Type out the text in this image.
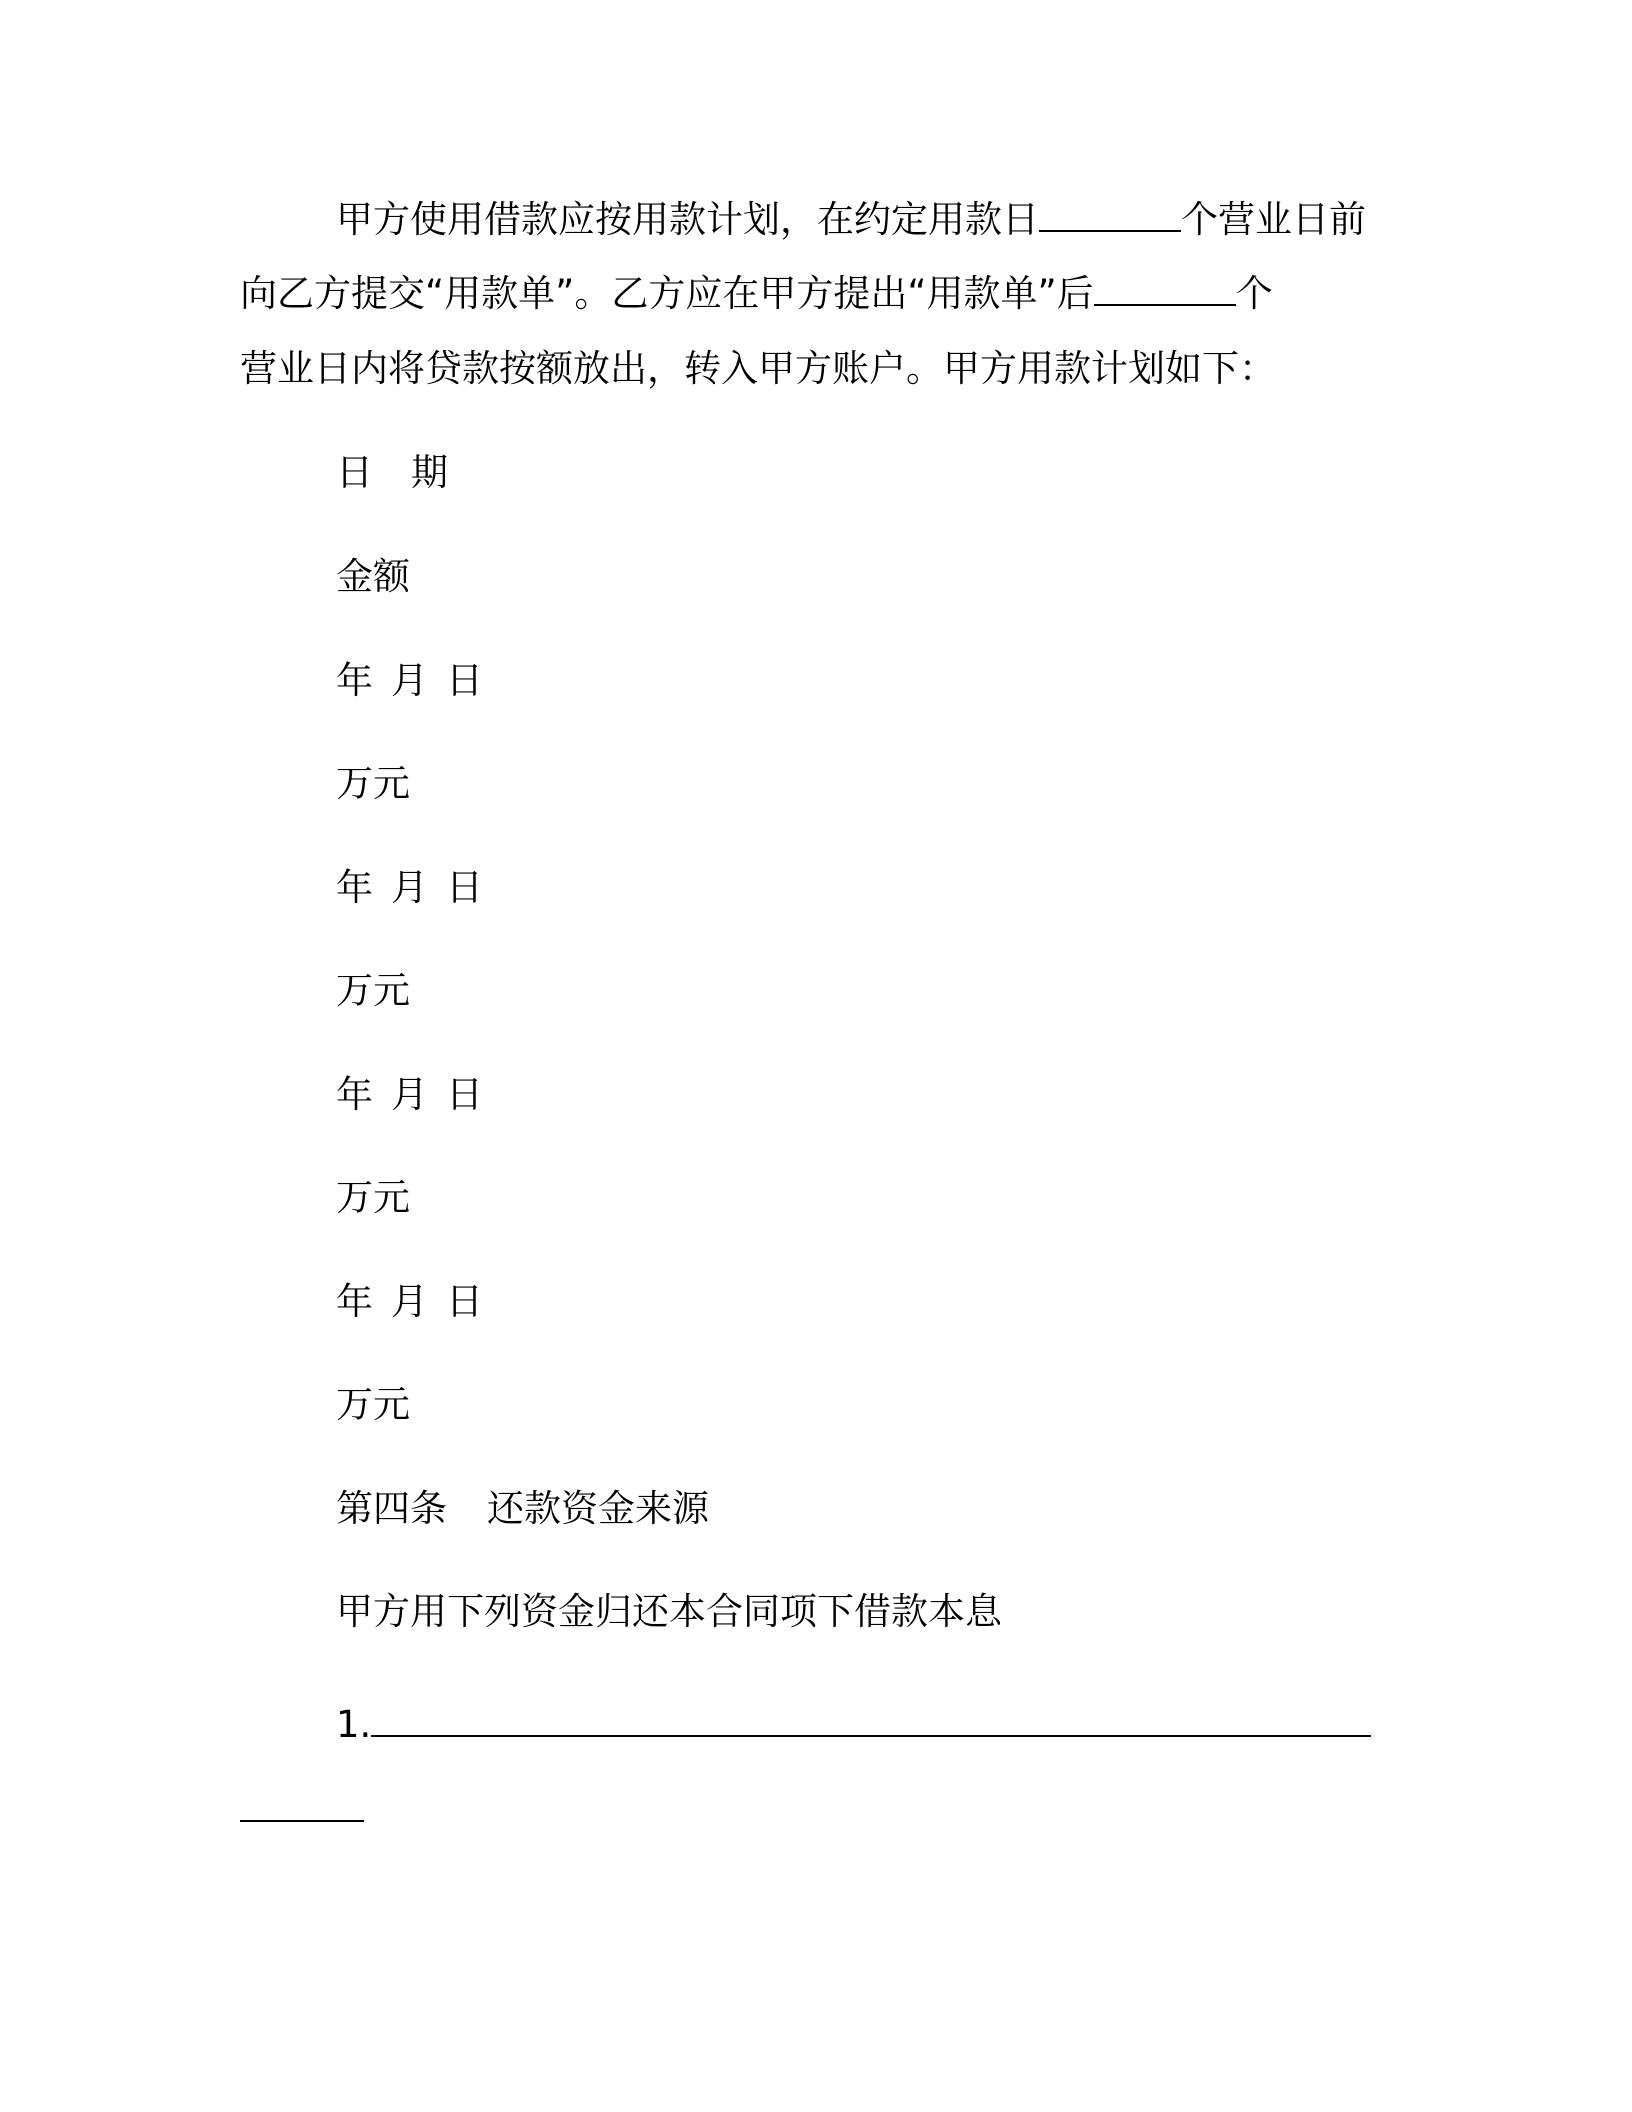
甲方使用借款应按用款计划，在约定用款日	个营业日前

向乙方提交“用款单”。乙方应在甲方提出“用款单”后	个

营业日内将贷款按额放出，转入甲方账户。甲方用款计划如下：

日 期

金额

年 月 日

万元

年 月 日

万元

年 月 日

万元

年 月 日

万元

第四条 还款资金来源

甲方用下列资金归还本合同项下借款本息

1.
